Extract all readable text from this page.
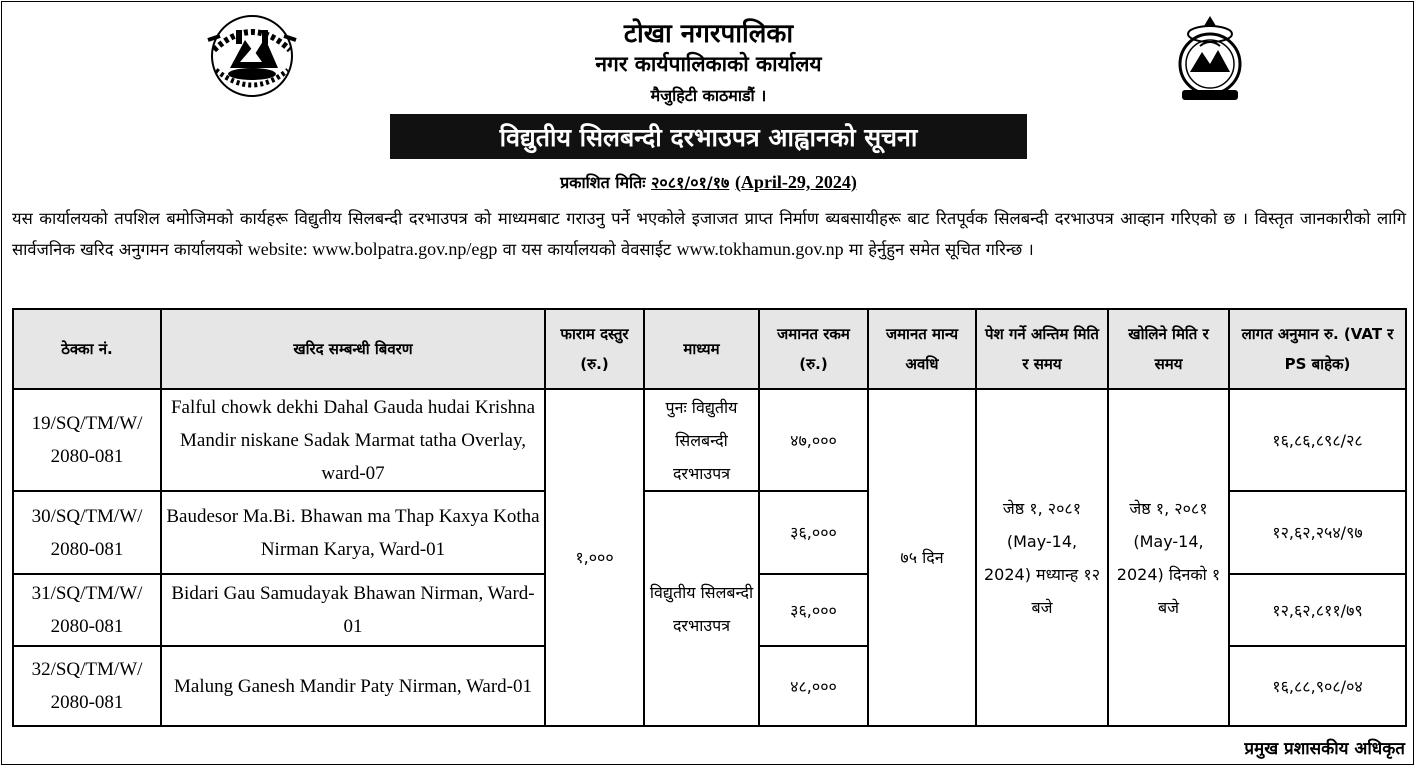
टोखा नगरपालिका
नगर कार्यपालिकाको कार्यालय
मैजुहिटी काठमाडौं ।
विद्युतीय सिलबन्दी दरभाउपत्र आह्वानको सूचना
प्रकाशित मितिः २०८१/०१/१७ (April-29, 2024)
यस कार्यालयको तपशिल बमोजिमको कार्यहरू विद्युतीय सिलबन्दी दरभाउपत्र को माध्यमबाट गराउनु पर्ने भएकोले इजाजत प्राप्त निर्माण ब्यबसायीहरू बाट रितपूर्वक सिलबन्दी दरभाउपत्र आव्हान गरिएको छ । विस्तृत जानकारीको लागि सार्वजनिक खरिद अनुगमन कार्यालयको website: www.bolpatra.gov.np/egp वा यस कार्यालयको वेवसाईट www.tokhamun.gov.np मा हेर्नुहुन समेत सूचित गरिन्छ ।
ठेक्का नं.	खरिद सम्बन्धी बिवरण	फाराम दस्तुर (रु.)	माध्यम	जमानत रकम (रु.)	जमानत मान्य अवधि	पेश गर्ने अन्तिम मिति र समय	खोलिने मिति र समय	लागत अनुमान रु. (VAT र PS बाहेक)
19/SQ/TM/W/ 2080-081	Falful chowk dekhi Dahal Gauda hudai Krishna Mandir niskane Sadak Marmat tatha Overlay, ward-07	१,०००	पुनः विद्युतीय सिलबन्दी दरभाउपत्र	४७,०००	७५ दिन	जेष्ठ १, २०८१ (May-14, 2024) मध्यान्ह १२ बजे	जेष्ठ १, २०८१ (May-14, 2024) दिनको १ बजे	१६,८६,८९८/२८
30/SQ/TM/W/ 2080-081	Baudesor Ma.Bi. Bhawan ma Thap Kaxya Kotha Nirman Karya, Ward-01		विद्युतीय सिलबन्दी दरभाउपत्र	३६,०००				१२,६२,२५४/९७
31/SQ/TM/W/ 2080-081	Bidari Gau Samudayak Bhawan Nirman, Ward-01			३६,०००				१२,६२,८११/७९
32/SQ/TM/W/ 2080-081	Malung Ganesh Mandir Paty Nirman, Ward-01			४८,०००				१६,८८,९०८/०४
प्रमुख प्रशासकीय अधिकृत
